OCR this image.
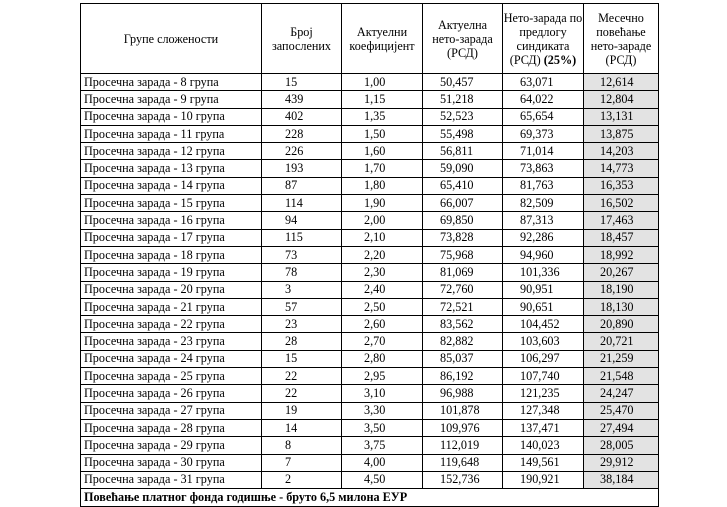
Групе сложености	Број запослених	Актуелни коефицијент	Актуелна нето-зарада (РСД)	Нето-зарада по предлогу синдиката (РСД) (25%)	Месечно повећање нето-зараде (РСД)
Просечна зарада - 8 група	15	1,00	50,457	63,071	12,614
Просечна зарада - 9 група	439	1,15	51,218	64,022	12,804
Просечна зарада - 10 група	402	1,35	52,523	65,654	13,131
Просечна зарада - 11 група	228	1,50	55,498	69,373	13,875
Просечна зарада - 12 група	226	1,60	56,811	71,014	14,203
Просечна зарада - 13 група	193	1,70	59,090	73,863	14,773
Просечна зарада - 14 група	87	1,80	65,410	81,763	16,353
Просечна зарада - 15 група	114	1,90	66,007	82,509	16,502
Просечна зарада - 16 група	94	2,00	69,850	87,313	17,463
Просечна зарада - 17 група	115	2,10	73,828	92,286	18,457
Просечна зарада - 18 група	73	2,20	75,968	94,960	18,992
Просечна зарада - 19 група	78	2,30	81,069	101,336	20,267
Просечна зарада - 20 група	3	2,40	72,760	90,951	18,190
Просечна зарада - 21 група	57	2,50	72,521	90,651	18,130
Просечна зарада - 22 група	23	2,60	83,562	104,452	20,890
Просечна зарада - 23 група	28	2,70	82,882	103,603	20,721
Просечна зарада - 24 група	15	2,80	85,037	106,297	21,259
Просечна зарада - 25 група	22	2,95	86,192	107,740	21,548
Просечна зарада - 26 група	22	3,10	96,988	121,235	24,247
Просечна зарада - 27 група	19	3,30	101,878	127,348	25,470
Просечна зарада - 28 група	14	3,50	109,976	137,471	27,494
Просечна зарада - 29 група	8	3,75	112,019	140,023	28,005
Просечна зарада - 30 група	7	4,00	119,648	149,561	29,912
Просечна зарада - 31 група	2	4,50	152,736	190,921	38,184
Повећање платног фонда годишње - бруто 6,5 милона ЕУР					
